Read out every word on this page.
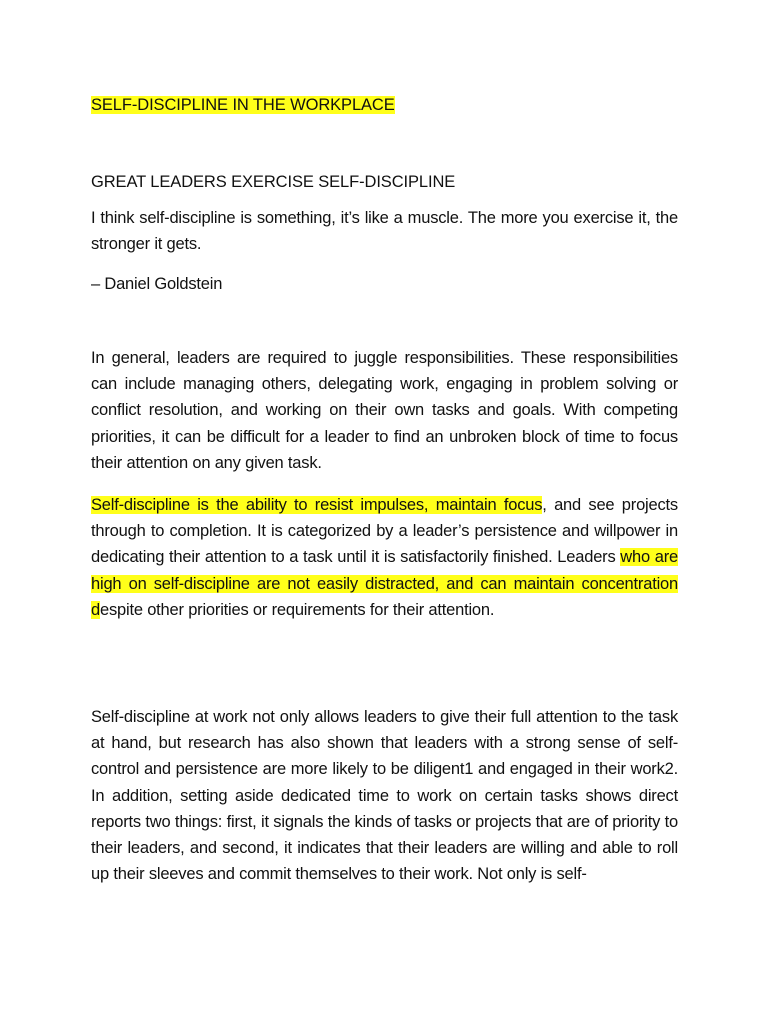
SELF-DISCIPLINE IN THE WORKPLACE
GREAT LEADERS EXERCISE SELF-DISCIPLINE

I think self-discipline is something, it’s like a muscle. The more you exercise it, the stronger it gets.

– Daniel Goldstein

In general, leaders are required to juggle responsibilities. These responsibilities can include managing others, delegating work, engaging in problem solving or conflict resolution, and working on their own tasks and goals. With competing priorities, it can be difficult for a leader to find an unbroken block of time to focus their attention on any given task.

Self-discipline is the ability to resist impulses, maintain focus, and see projects through to completion. It is categorized by a leader’s persistence and willpower in dedicating their attention to a task until it is satisfactorily finished. Leaders who are high on self-discipline are not easily distracted, and can maintain concentration despite other priorities or requirements for their attention.

Self-discipline at work not only allows leaders to give their full attention to the task at hand, but research has also shown that leaders with a strong sense of self-control and persistence are more likely to be diligent1 and engaged in their work2. In addition, setting aside dedicated time to work on certain tasks shows direct reports two things: first, it signals the kinds of tasks or projects that are of priority to their leaders, and second, it indicates that their leaders are willing and able to roll up their sleeves and commit themselves to their work. Not only is self-
